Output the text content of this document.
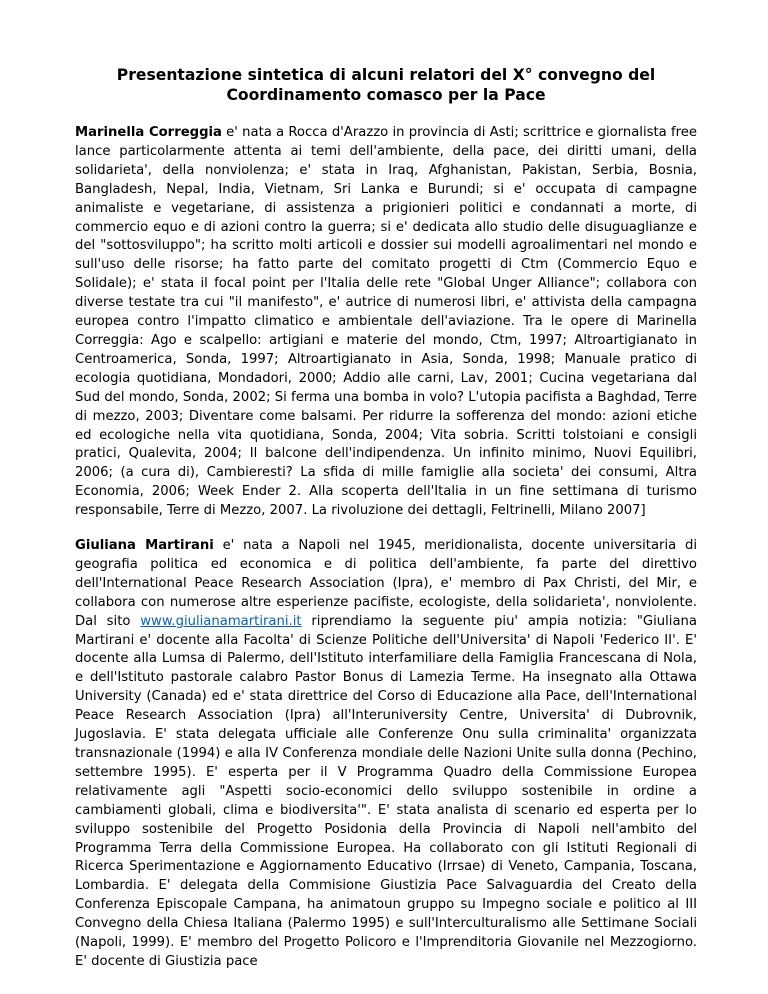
Presentazione sintetica di alcuni relatori del X° convegno del
Coordinamento comasco per la Pace

Marinella Correggia e' nata a Rocca d'Arazzo in provincia di Asti; scrittrice e giornalista free lance particolarmente attenta ai temi dell'ambiente, della pace, dei diritti umani, della solidarieta', della nonviolenza; e' stata in Iraq, Afghanistan, Pakistan, Serbia, Bosnia, Bangladesh, Nepal, India, Vietnam, Sri Lanka e Burundi; si e' occupata di campagne animaliste e vegetariane, di assistenza a prigionieri politici e condannati a morte, di commercio equo e di azioni contro la guerra; si e' dedicata allo studio delle disuguaglianze e del "sottosviluppo"; ha scritto molti articoli e dossier sui modelli agroalimentari nel mondo e sull'uso delle risorse; ha fatto parte del comitato progetti di Ctm (Commercio Equo e Solidale); e' stata il focal point per l'Italia delle rete "Global Unger Alliance"; collabora con diverse testate tra cui "il manifesto", e' autrice di numerosi libri, e' attivista della campagna europea contro l'impatto climatico e ambientale dell'aviazione. Tra le opere di Marinella Correggia: Ago e scalpello: artigiani e materie del mondo, Ctm, 1997; Altroartigianato in Centroamerica, Sonda, 1997; Altroartigianato in Asia, Sonda, 1998; Manuale pratico di ecologia quotidiana, Mondadori, 2000; Addio alle carni, Lav, 2001; Cucina vegetariana dal Sud del mondo, Sonda, 2002; Si ferma una bomba in volo? L'utopia pacifista a Baghdad, Terre di mezzo, 2003; Diventare come balsami. Per ridurre la sofferenza del mondo: azioni etiche ed ecologiche nella vita quotidiana, Sonda, 2004; Vita sobria. Scritti tolstoiani e consigli pratici, Qualevita, 2004; Il balcone dell'indipendenza. Un infinito minimo, Nuovi Equilibri, 2006; (a cura di), Cambieresti? La sfida di mille famiglie alla societa' dei consumi, Altra Economia, 2006; Week Ender 2. Alla scoperta dell'Italia in un fine settimana di turismo responsabile, Terre di Mezzo, 2007. La rivoluzione dei dettagli, Feltrinelli, Milano 2007]

Giuliana Martirani e' nata a Napoli nel 1945, meridionalista, docente universitaria di geografia politica ed economica e di politica dell'ambiente, fa parte del direttivo dell'International Peace Research Association (Ipra), e' membro di Pax Christi, del Mir, e collabora con numerose altre esperienze pacifiste, ecologiste, della solidarieta', nonviolente. Dal sito www.giulianamartirani.it riprendiamo la seguente piu' ampia notizia: "Giuliana Martirani e' docente alla Facolta' di Scienze Politiche dell'Universita' di Napoli 'Federico II'. E' docente alla Lumsa di Palermo, dell'Istituto interfamiliare della Famiglia Francescana di Nola, e dell'Istituto pastorale calabro Pastor Bonus di Lamezia Terme. Ha insegnato alla Ottawa University (Canada) ed e' stata direttrice del Corso di Educazione alla Pace, dell'International Peace Research Association (Ipra) all'Interuniversity Centre, Universita' di Dubrovnik, Jugoslavia. E' stata delegata ufficiale alle Conferenze Onu sulla criminalita' organizzata transnazionale (1994) e alla IV Conferenza mondiale delle Nazioni Unite sulla donna (Pechino, settembre 1995). E' esperta per il V Programma Quadro della Commissione Europea relativamente agli "Aspetti socio-economici dello sviluppo sostenibile in ordine a cambiamenti globali, clima e biodiversita'". E' stata analista di scenario ed esperta per lo sviluppo sostenibile del Progetto Posidonia della Provincia di Napoli nell'ambito del Programma Terra della Commissione Europea. Ha collaborato con gli Istituti Regionali di Ricerca Sperimentazione e Aggiornamento Educativo (Irrsae) di Veneto, Campania, Toscana, Lombardia. E' delegata della Commisione Giustizia Pace Salvaguardia del Creato della Conferenza Episcopale Campana, ha animatoun gruppo su Impegno sociale e politico al III Convegno della Chiesa Italiana (Palermo 1995) e sull'Interculturalismo alle Settimane Sociali (Napoli, 1999). E' membro del Progetto Policoro e l'Imprenditoria Giovanile nel Mezzogiorno. E' docente di Giustizia pace
